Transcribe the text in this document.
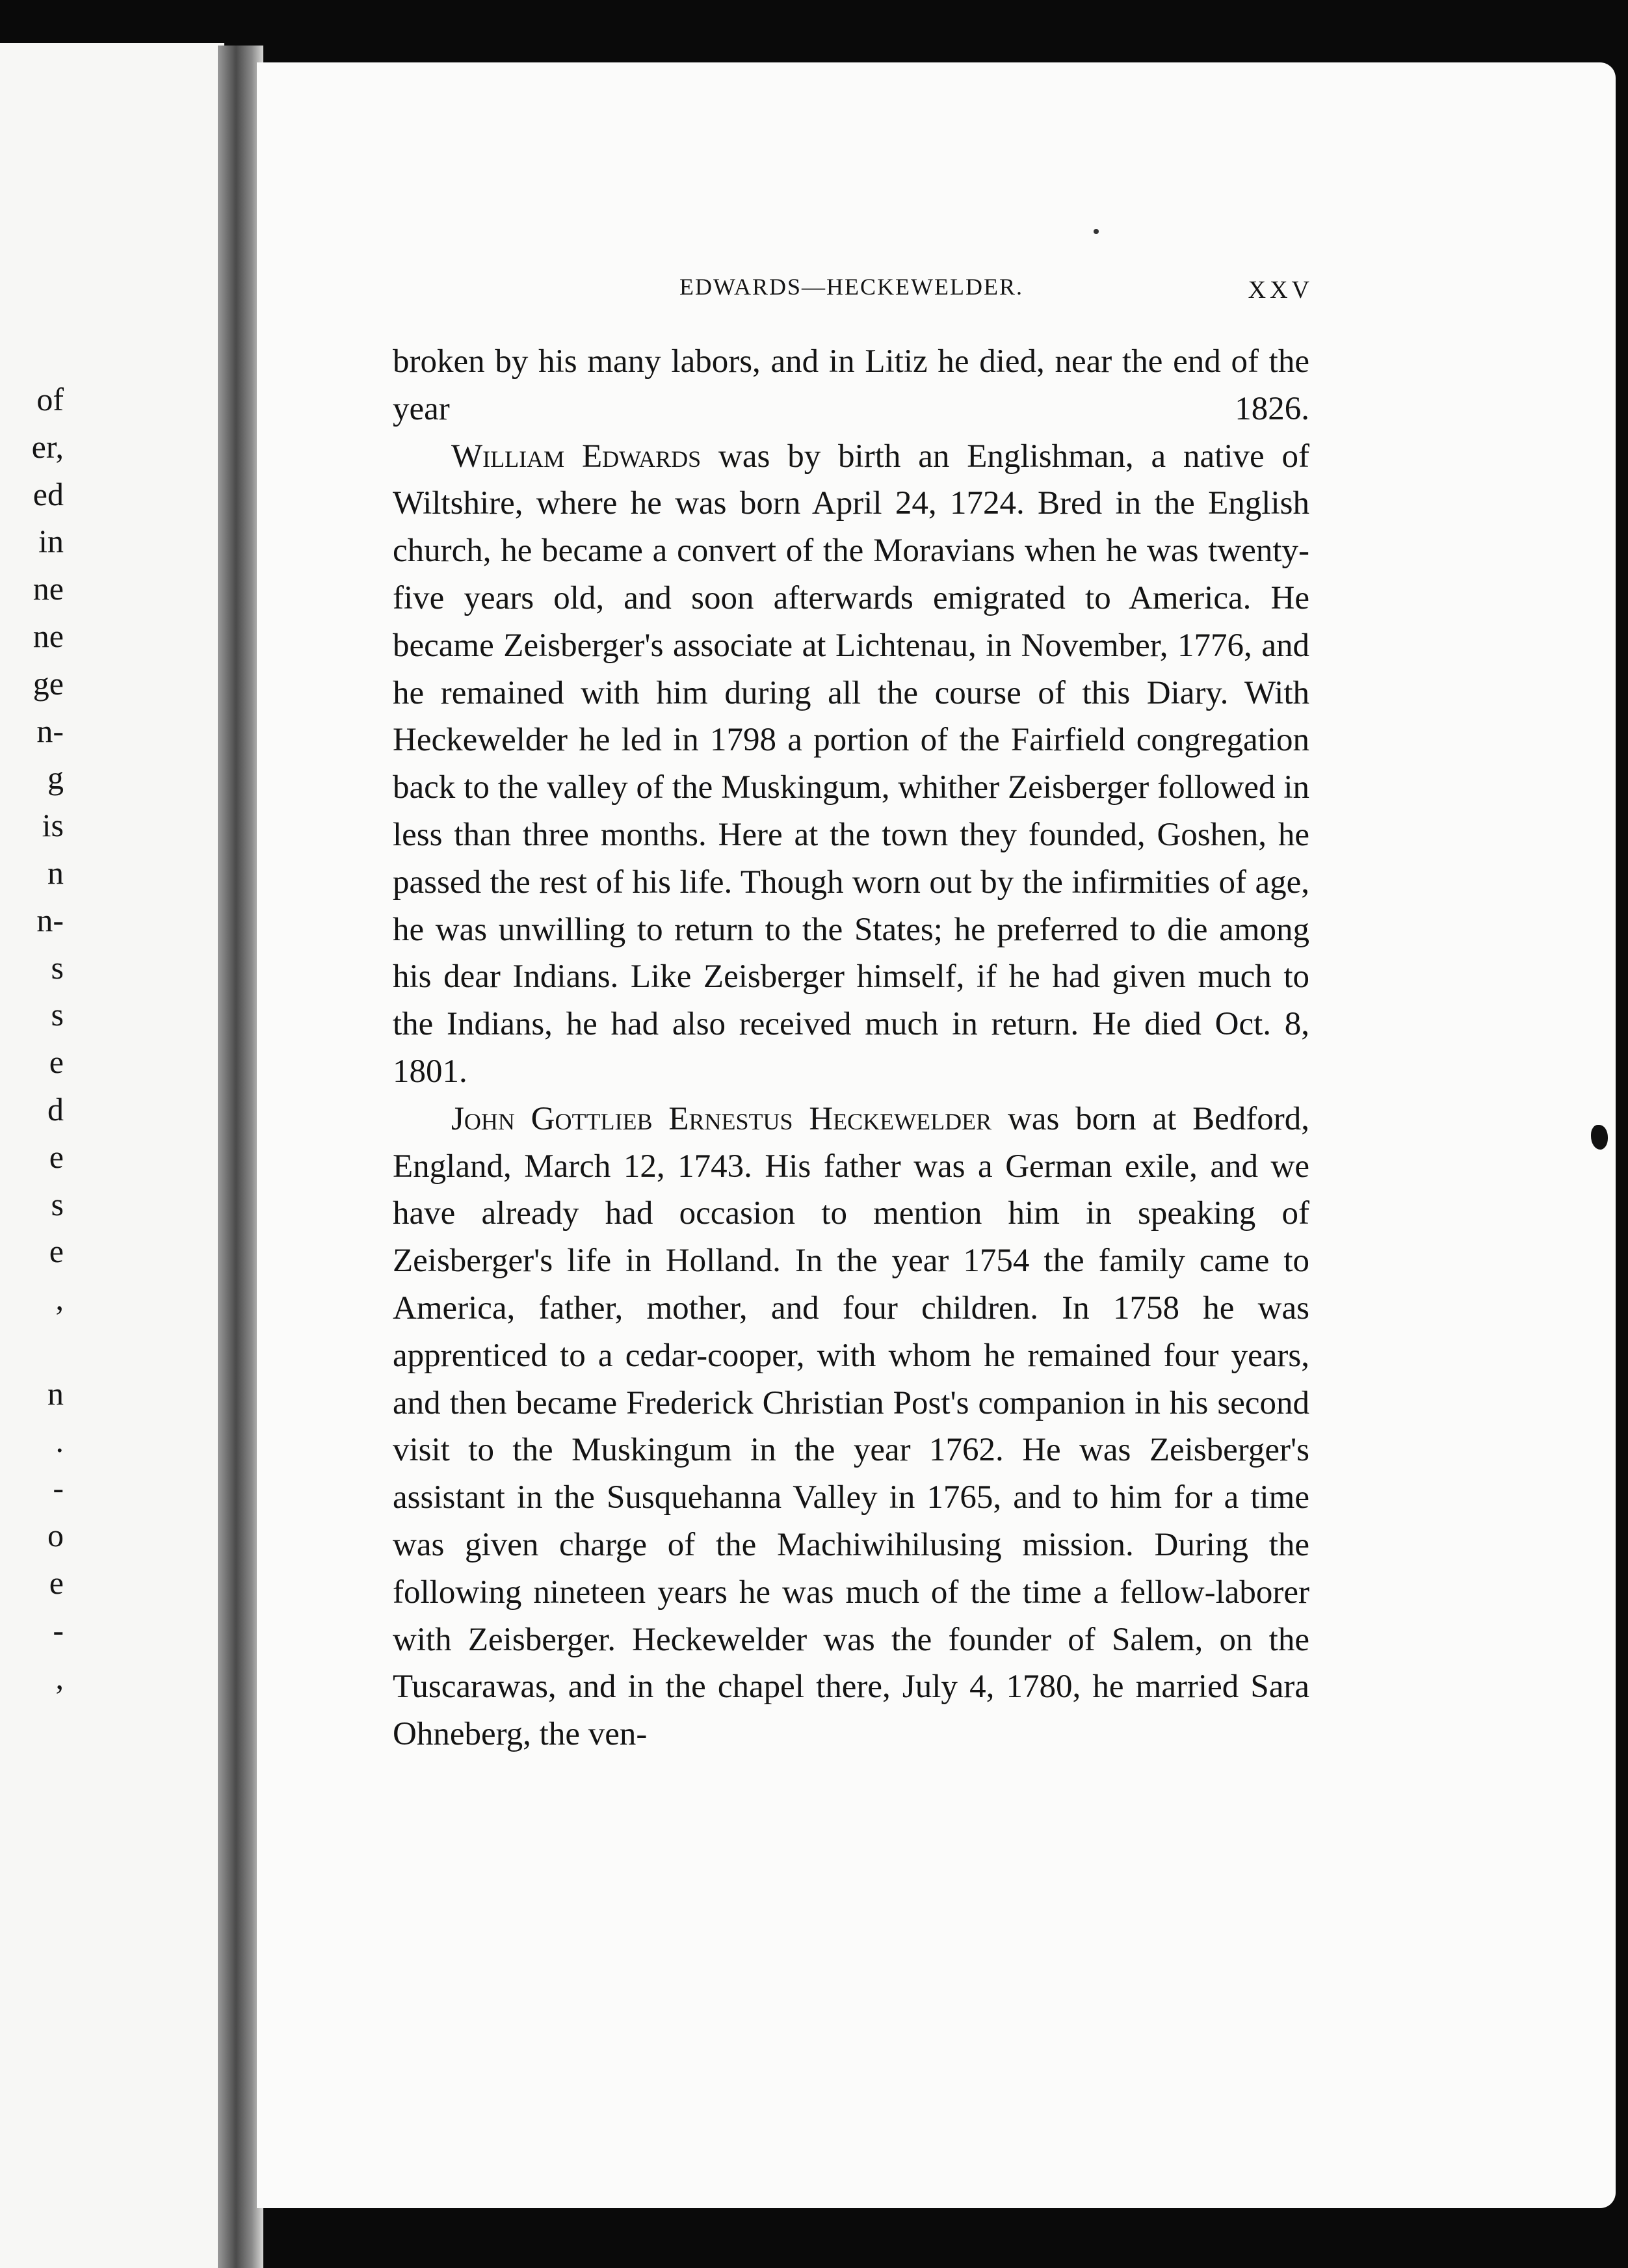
of
er,
ed
in
ne
ne
ge
n-
g
is
n
n-
s
s
e
d
e
s
e
,
n
.
-
o
e
-
,
EDWARDS—HECKEWELDER.	XXV

broken by his many labors, and in Litiz he died, near the end of the year 1826.

William Edwards was by birth an Englishman, a native of Wiltshire, where he was born April 24, 1724. Bred in the English church, he became a convert of the Moravians when he was twenty-five years old, and soon afterwards emigrated to America. He became Zeisberger's associate at Lichtenau, in November, 1776, and he remained with him during all the course of this Diary. With Heckewelder he led in 1798 a portion of the Fairfield congregation back to the valley of the Muskingum, whither Zeisberger followed in less than three months. Here at the town they founded, Goshen, he passed the rest of his life. Though worn out by the infirmities of age, he was unwilling to return to the States; he preferred to die among his dear Indians. Like Zeisberger himself, if he had given much to the Indians, he had also received much in return. He died Oct. 8, 1801.

John Gottlieb Ernestus Heckewelder was born at Bedford, England, March 12, 1743. His father was a German exile, and we have already had occasion to mention him in speaking of Zeisberger's life in Holland. In the year 1754 the family came to America, father, mother, and four children. In 1758 he was apprenticed to a cedar-cooper, with whom he remained four years, and then became Frederick Christian Post's companion in his second visit to the Muskingum in the year 1762. He was Zeisberger's assistant in the Susquehanna Valley in 1765, and to him for a time was given charge of the Machiwihilusing mission. During the following nineteen years he was much of the time a fellow-laborer with Zeisberger. Heckewelder was the founder of Salem, on the Tuscarawas, and in the chapel there, July 4, 1780, he married Sara Ohneberg, the ven-
